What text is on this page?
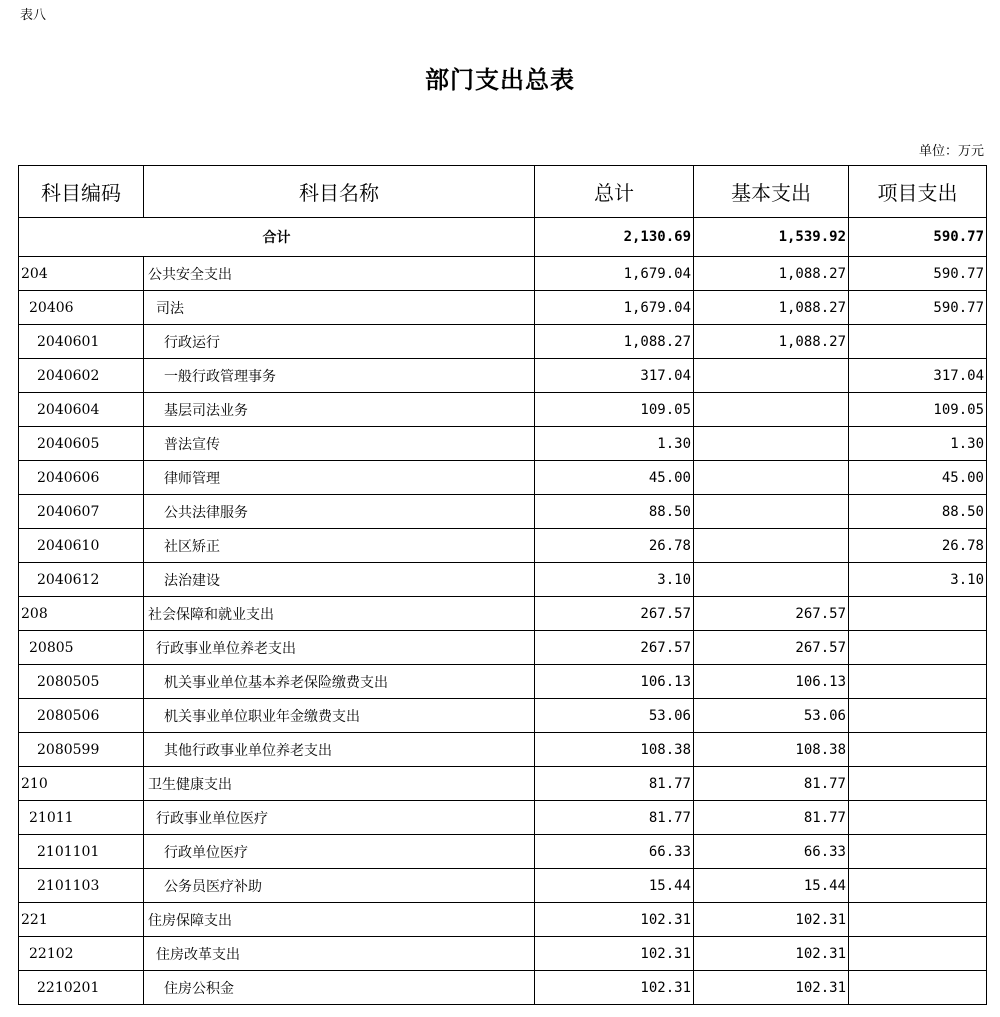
表八
部门支出总表
单位：万元
科目编码	科目名称	总计	基本支出	项目支出
合计		2,130.69	1,539.92	590.77
204	公共安全支出	1,679.04	1,088.27	590.77
20406	司法	1,679.04	1,088.27	590.77
2040601	行政运行	1,088.27	1,088.27	
2040602	一般行政管理事务	317.04		317.04
2040604	基层司法业务	109.05		109.05
2040605	普法宣传	1.30		1.30
2040606	律师管理	45.00		45.00
2040607	公共法律服务	88.50		88.50
2040610	社区矫正	26.78		26.78
2040612	法治建设	3.10		3.10
208	社会保障和就业支出	267.57	267.57	
20805	行政事业单位养老支出	267.57	267.57	
2080505	机关事业单位基本养老保险缴费支出	106.13	106.13	
2080506	机关事业单位职业年金缴费支出	53.06	53.06	
2080599	其他行政事业单位养老支出	108.38	108.38	
210	卫生健康支出	81.77	81.77	
21011	行政事业单位医疗	81.77	81.77	
2101101	行政单位医疗	66.33	66.33	
2101103	公务员医疗补助	15.44	15.44	
221	住房保障支出	102.31	102.31	
22102	住房改革支出	102.31	102.31	
2210201	住房公积金	102.31	102.31	
